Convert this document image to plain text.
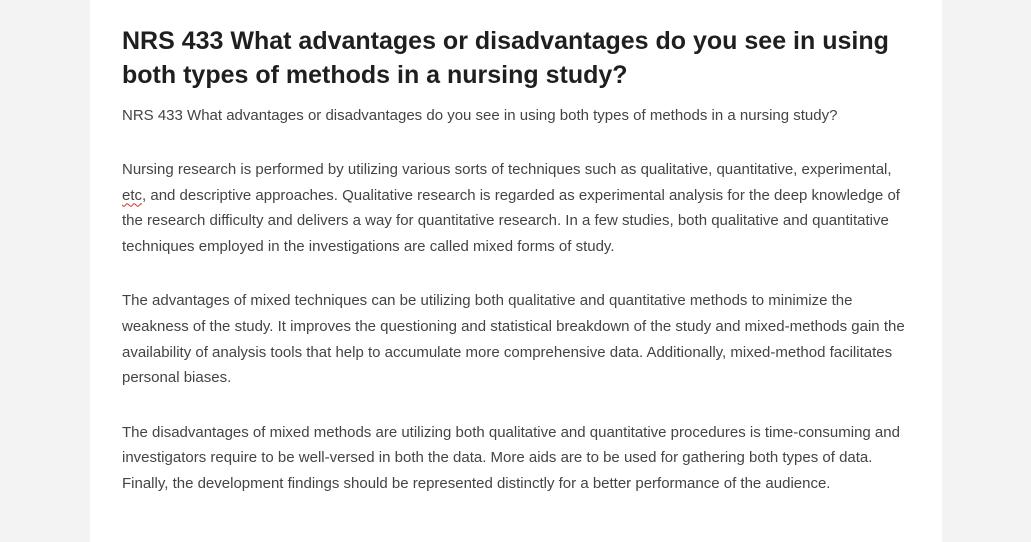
NRS 433 What advantages or disadvantages do you see in using both types of methods in a nursing study?
NRS 433 What advantages or disadvantages do you see in using both types of methods in a nursing study?

Nursing research is performed by utilizing various sorts of techniques such as qualitative, quantitative, experimental, etc, and descriptive approaches. Qualitative research is regarded as experimental analysis for the deep knowledge of the research difficulty and delivers a way for quantitative research. In a few studies, both qualitative and quantitative techniques employed in the investigations are called mixed forms of study.

The advantages of mixed techniques can be utilizing both qualitative and quantitative methods to minimize the weakness of the study. It improves the questioning and statistical breakdown of the study and mixed-methods gain the availability of analysis tools that help to accumulate more comprehensive data. Additionally, mixed-method facilitates personal biases.

The disadvantages of mixed methods are utilizing both qualitative and quantitative procedures is time-consuming and investigators require to be well-versed in both the data. More aids are to be used for gathering both types of data. Finally, the development findings should be represented distinctly for a better performance of the audience.
